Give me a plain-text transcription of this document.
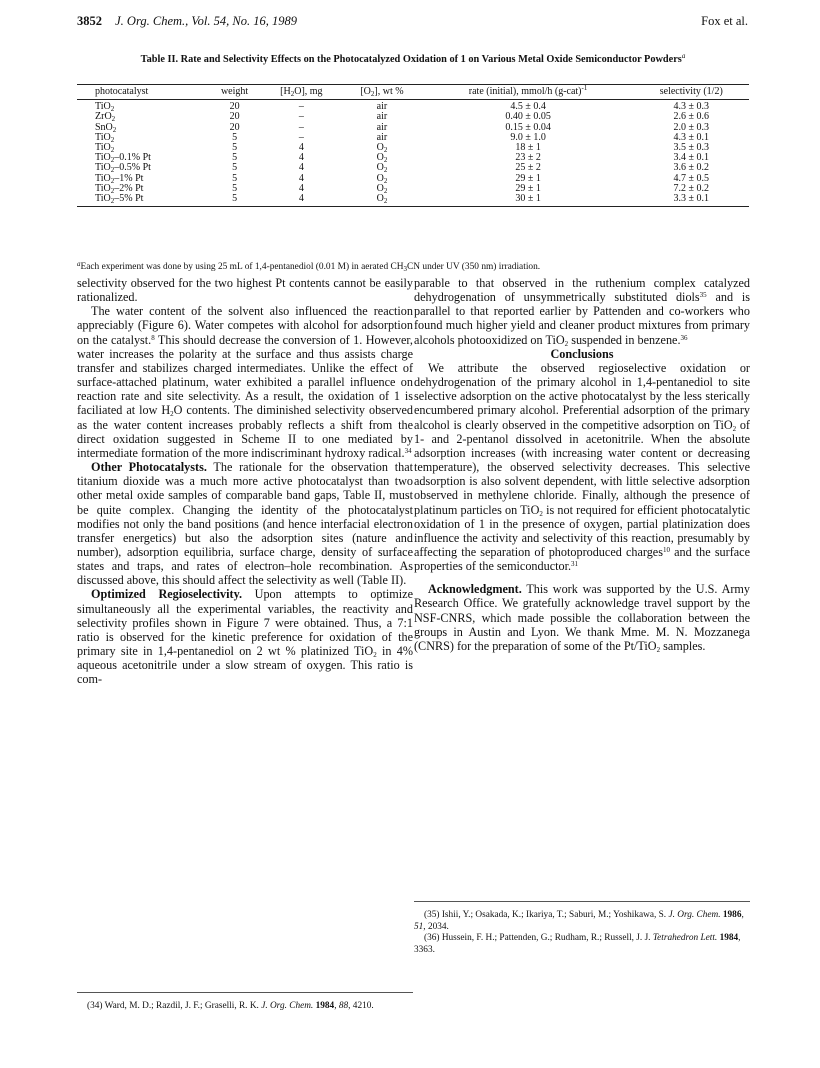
3852 J. Org. Chem., Vol. 54, No. 16, 1989	Fox et al.
Table II. Rate and Selectivity Effects on the Photocatalyzed Oxidation of 1 on Various Metal Oxide Semiconductor Powders$^a$
photocatalyst	weight	$[H_2O]$, mg	$[O_2]$, wt %	rate (initial), mmol/h $(g-cat)^{-1}$	selectivity (1/2)
TiO$_2$	20	–	air	4.5 ± 0.4	4.3 ± 0.3
ZrO$_2$	20	–	air	0.40 ± 0.05	2.6 ± 0.6
SnO$_2$	20	–	air	0.15 ± 0.04	2.0 ± 0.3
TiO$_2$	5	–	air	9.0 ± 1.0	4.3 ± 0.1
TiO$_2$	5	4	$O_2$	18 ± 1	3.5 ± 0.3
TiO$_2$–0.1% Pt	5	4	$O_2$	23 ± 2	3.4 ± 0.1
TiO$_2$–0.5% Pt	5	4	$O_2$	25 ± 2	3.6 ± 0.2
TiO$_2$–1% Pt	5	4	$O_2$	29 ± 1	4.7 ± 0.5
TiO$_2$–2% Pt	5	4	$O_2$	29 ± 1	7.2 ± 0.2
TiO$_2$–5% Pt	5	4	$O_2$	30 ± 1	3.3 ± 0.1
$^a$Each experiment was done by using 25 mL of 1,4-pentanediol (0.01 M) in aerated $CH_3CN$ under UV (350 nm) irradiation.

selectivity observed for the two highest Pt contents cannot be easily rationalized.

The water content of the solvent also influenced the reaction appreciably (Figure 6). Water competes with alcohol for adsorption on the catalyst.$^8$ This should decrease the conversion of 1. However, water increases the polarity at the surface and thus assists charge transfer and stabilizes charged intermediates. Unlike the effect of surface-attached platinum, water exhibited a parallel influence on reaction rate and site selectivity. As a result, the oxidation of 1 is faciliated at low $H_2O$ contents. The diminished selectivity observed as the water content increases probably reflects a shift from the direct oxidation suggested in Scheme II to one mediated by intermediate formation of the more indiscriminant hydroxy radical.$^{34}$

Other Photocatalysts. The rationale for the observation that titanium dioxide was a much more active photocatalyst than two other metal oxide samples of comparable band gaps, Table II, must be quite complex. Changing the identity of the photocatalyst modifies not only the band positions (and hence interfacial electron transfer energetics) but also the adsorption sites (nature and number), adsorption equilibria, surface charge, density of surface states and traps, and rates of electron–hole recombination. As discussed above, this should affect the selectivity as well (Table II).

Optimized Regioselectivity. Upon attempts to optimize simultaneously all the experimental variables, the reactivity and selectivity profiles shown in Figure 7 were obtained. Thus, a 7:1 ratio is observed for the kinetic preference for oxidation of the primary site in 1,4-pentanediol on 2 wt % platinized TiO$_2$ in 4% aqueous acetonitrile under a slow stream of oxygen. This ratio is com-

parable to that observed in the ruthenium complex catalyzed dehydrogenation of unsymmetrically substituted diols$^{35}$ and is parallel to that reported earlier by Pattenden and co-workers who found much higher yield and cleaner product mixtures from primary alcohols photooxidized on TiO$_2$ suspended in benzene.$^{36}$

Conclusions

We attribute the observed regioselective oxidation or dehydrogenation of the primary alcohol in 1,4-pentanediol to site selective adsorption on the active photocatalyst by the less sterically encumbered primary alcohol. Preferential adsorption of the primary alcohol is clearly observed in the competitive adsorption on TiO$_2$ of 1- and 2-pentanol dissolved in acetonitrile. When the absolute adsorption increases (with increasing water content or decreasing temperature), the observed selectivity decreases. This selective adsorption is also solvent dependent, with little selective adsorption observed in methylene chloride. Finally, although the presence of platinum particles on TiO$_2$ is not required for efficient photocatalytic oxidation of 1 in the presence of oxygen, partial platinization does influence the activity and selectivity of this reaction, presumably by affecting the separation of photoproduced charges$^{10}$ and the surface properties of the semiconductor.$^{31}$

Acknowledgment. This work was supported by the U.S. Army Research Office. We gratefully acknowledge travel support by the NSF-CNRS, which made possible the collaboration between the groups in Austin and Lyon. We thank Mme. M. N. Mozzanega (CNRS) for the preparation of some of the Pt/TiO$_2$ samples.

(35) Ishii, Y.; Osakada, K.; Ikariya, T.; Saburi, M.; Yoshikawa, S. J. Org. Chem. 1986, 51, 2034.

(36) Hussein, F. H.; Pattenden, G.; Rudham, R.; Russell, J. J. Tetrahedron Lett. 1984, 3363.

(34) Ward, M. D.; Razdil, J. F.; Graselli, R. K. J. Org. Chem. 1984, 88, 4210.
